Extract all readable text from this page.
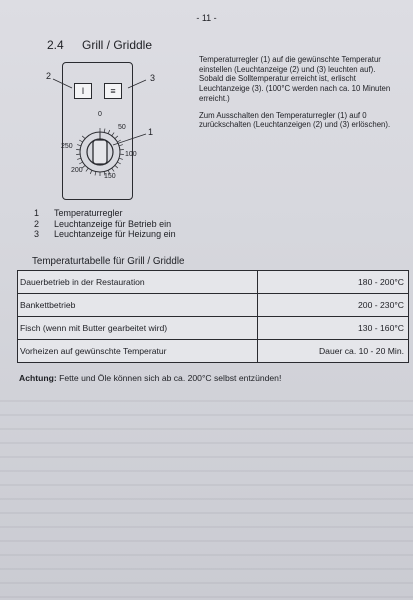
- 11 -
2.4 Grill / Griddle
I	≡
2	3
1
0
50
100
150
200
250

Temperaturregler (1) auf die gewünschte Temperatur einstellen (Leuchtanzeige (2) und (3) leuchten auf). Sobald die Solltemperatur erreicht ist, erlischt Leuchtanzeige (3). (100°C werden nach ca. 10 Minuten erreicht.)

Zum Ausschalten den Temperaturregler (1) auf 0 zurückschalten (Leuchtanzeigen (2) und (3) erlöschen).

1	Temperaturregler
2	Leuchtanzeige für Betrieb ein
3	Leuchtanzeige für Heizung ein
Temperaturtabelle für Grill / Griddle
Dauerbetrieb in der Restauration	180 - 200°C
Bankettbetrieb	200 - 230°C
Fisch (wenn mit Butter gearbeitet wird)	130 - 160°C
Vorheizen auf gewünschte Temperatur	Dauer ca. 10 - 20 Min.
Achtung: Fette und Öle können sich ab ca. 200°C selbst entzünden!
